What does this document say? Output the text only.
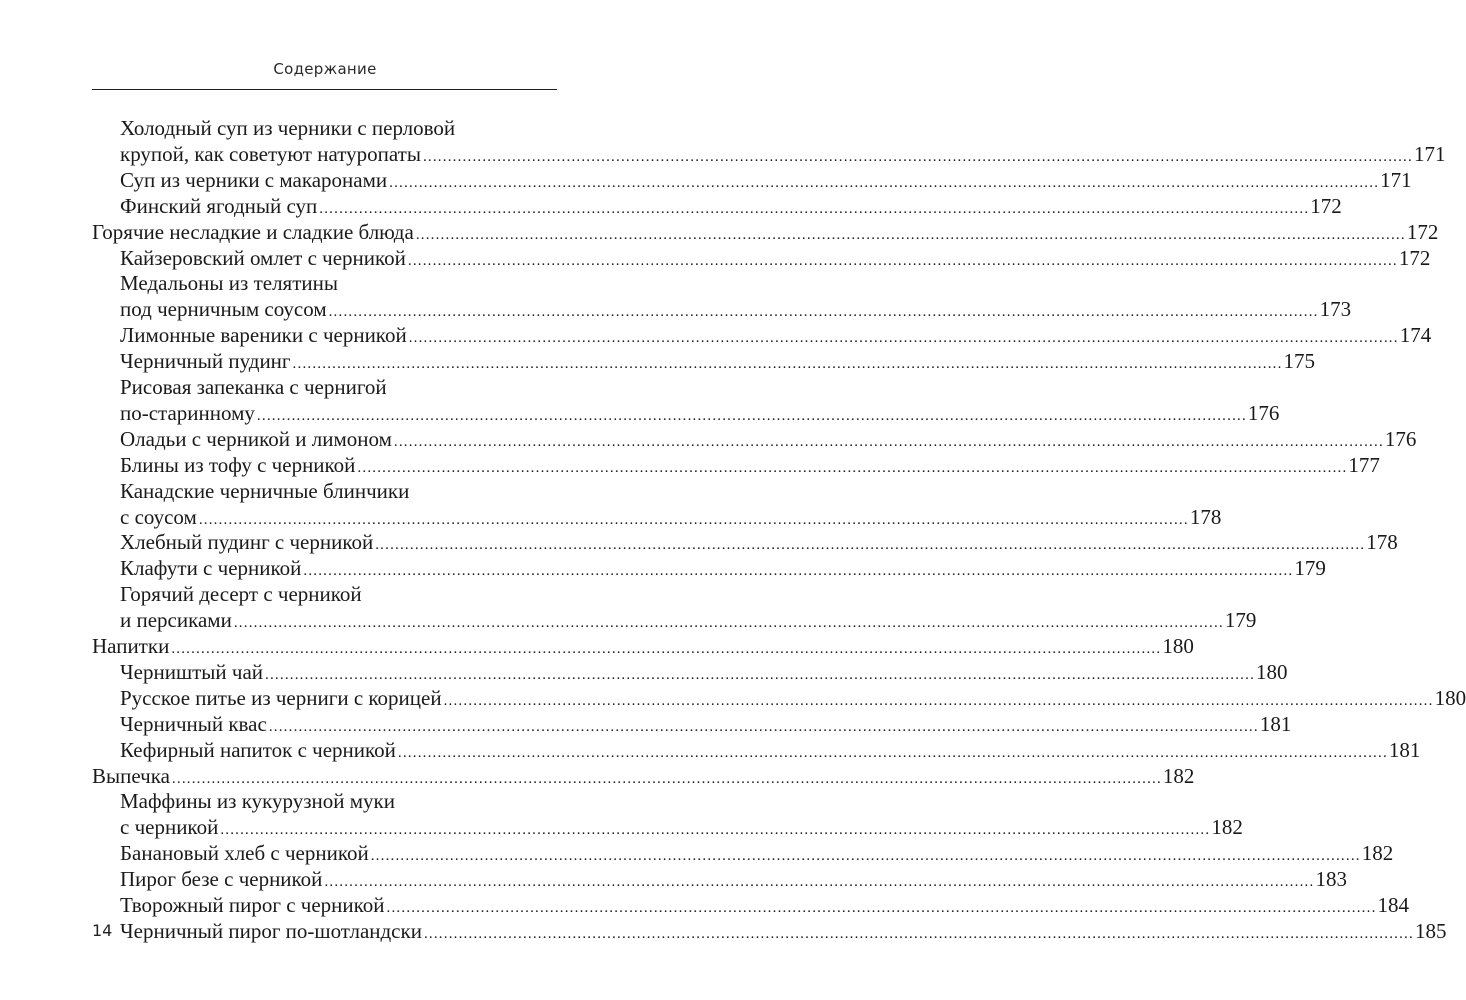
Содержание
Холодный суп из черники с перловой
крупой, как советуют натуропаты ........................................................................................................................................................................................................ 171
Суп из черники с макаронами ........................................................................................................................................................................................................ 171
Финский ягодный суп ........................................................................................................................................................................................................ 172
Горячие несладкие и сладкие блюда ........................................................................................................................................................................................................ 172
Кайзеровский омлет с черникой ........................................................................................................................................................................................................ 172
Медальоны из телятины
под черничным соусом ........................................................................................................................................................................................................ 173
Лимонные вареники с черникой ........................................................................................................................................................................................................ 174
Черничный пудинг ........................................................................................................................................................................................................ 175
Рисовая запеканка с чернигой
по-старинному ........................................................................................................................................................................................................ 176
Оладьи с черникой и лимоном ........................................................................................................................................................................................................ 176
Блины из тофу с черникой ........................................................................................................................................................................................................ 177
Канадские черничные блинчики
с соусом ........................................................................................................................................................................................................ 178
Хлебный пудинг с черникой ........................................................................................................................................................................................................ 178
Клафути с черникой ........................................................................................................................................................................................................ 179
Горячий десерт с черникой
и персиками ........................................................................................................................................................................................................ 179
Напитки ........................................................................................................................................................................................................ 180
Черништый чай ........................................................................................................................................................................................................ 180
Русское питье из черниги с корицей ........................................................................................................................................................................................................ 180
Черничный квас ........................................................................................................................................................................................................ 181
Кефирный напиток с черникой ........................................................................................................................................................................................................ 181
Выпечка ........................................................................................................................................................................................................ 182
Маффины из кукурузной муки
с черникой ........................................................................................................................................................................................................ 182
Банановый хлеб с черникой ........................................................................................................................................................................................................ 182
Пирог безе с черникой ........................................................................................................................................................................................................ 183
Творожный пирог с черникой ........................................................................................................................................................................................................ 184
Черничный пирог по-шотландски ........................................................................................................................................................................................................ 185
14
